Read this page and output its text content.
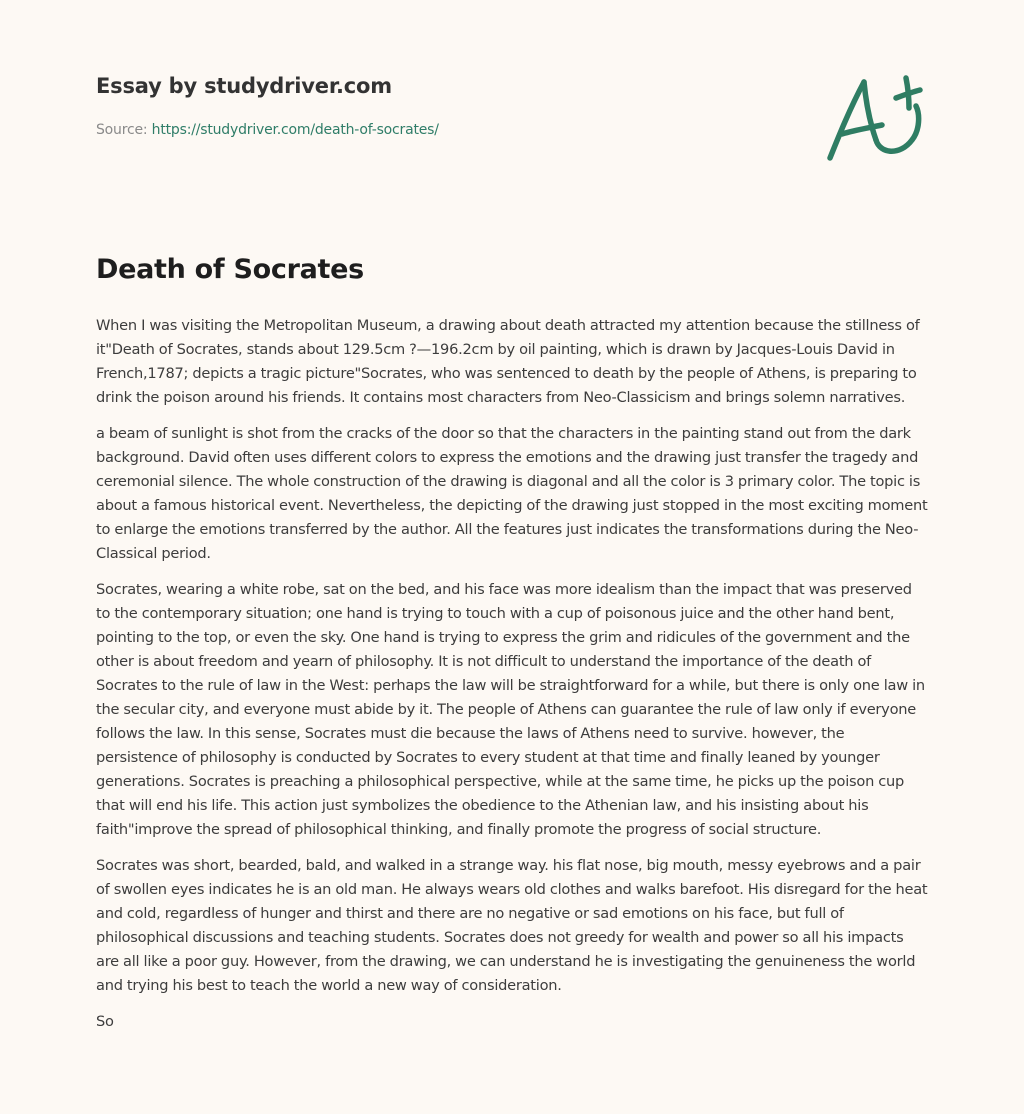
Essay by studydriver.com
Source: https://studydriver.com/death-of-socrates/
Death of Socrates

When I was visiting the Metropolitan Museum, a drawing about death attracted my attention because the stillness of it"Death of Socrates, stands about 129.5cm ?—196.2cm by oil painting, which is drawn by Jacques-Louis David in French,1787; depicts a tragic picture"Socrates, who was sentenced to death by the people of Athens, is preparing to drink the poison around his friends. It contains most characters from Neo-Classicism and brings solemn narratives.

a beam of sunlight is shot from the cracks of the door so that the characters in the painting stand out from the dark background. David often uses different colors to express the emotions and the drawing just transfer the tragedy and ceremonial silence. The whole construction of the drawing is diagonal and all the color is 3 primary color. The topic is about a famous historical event. Nevertheless, the depicting of the drawing just stopped in the most exciting moment to enlarge the emotions transferred by the author. All the features just indicates the transformations during the Neo-Classical period.

Socrates, wearing a white robe, sat on the bed, and his face was more idealism than the impact that was preserved to the contemporary situation; one hand is trying to touch with a cup of poisonous juice and the other hand bent, pointing to the top, or even the sky. One hand is trying to express the grim and ridicules of the government and the other is about freedom and yearn of philosophy. It is not difficult to understand the importance of the death of Socrates to the rule of law in the West: perhaps the law will be straightforward for a while, but there is only one law in the secular city, and everyone must abide by it. The people of Athens can guarantee the rule of law only if everyone follows the law. In this sense, Socrates must die because the laws of Athens need to survive. however, the persistence of philosophy is conducted by Socrates to every student at that time and finally leaned by younger generations. Socrates is preaching a philosophical perspective, while at the same time, he picks up the poison cup that will end his life. This action just symbolizes the obedience to the Athenian law, and his insisting about his faith"improve the spread of philosophical thinking, and finally promote the progress of social structure.

Socrates was short, bearded, bald, and walked in a strange way. his flat nose, big mouth, messy eyebrows and a pair of swollen eyes indicates he is an old man. He always wears old clothes and walks barefoot. His disregard for the heat and cold, regardless of hunger and thirst and there are no negative or sad emotions on his face, but full of philosophical discussions and teaching students. Socrates does not greedy for wealth and power so all his impacts are all like a poor guy. However, from the drawing, we can understand he is investigating the genuineness the world and trying his best to teach the world a new way of consideration.

So
